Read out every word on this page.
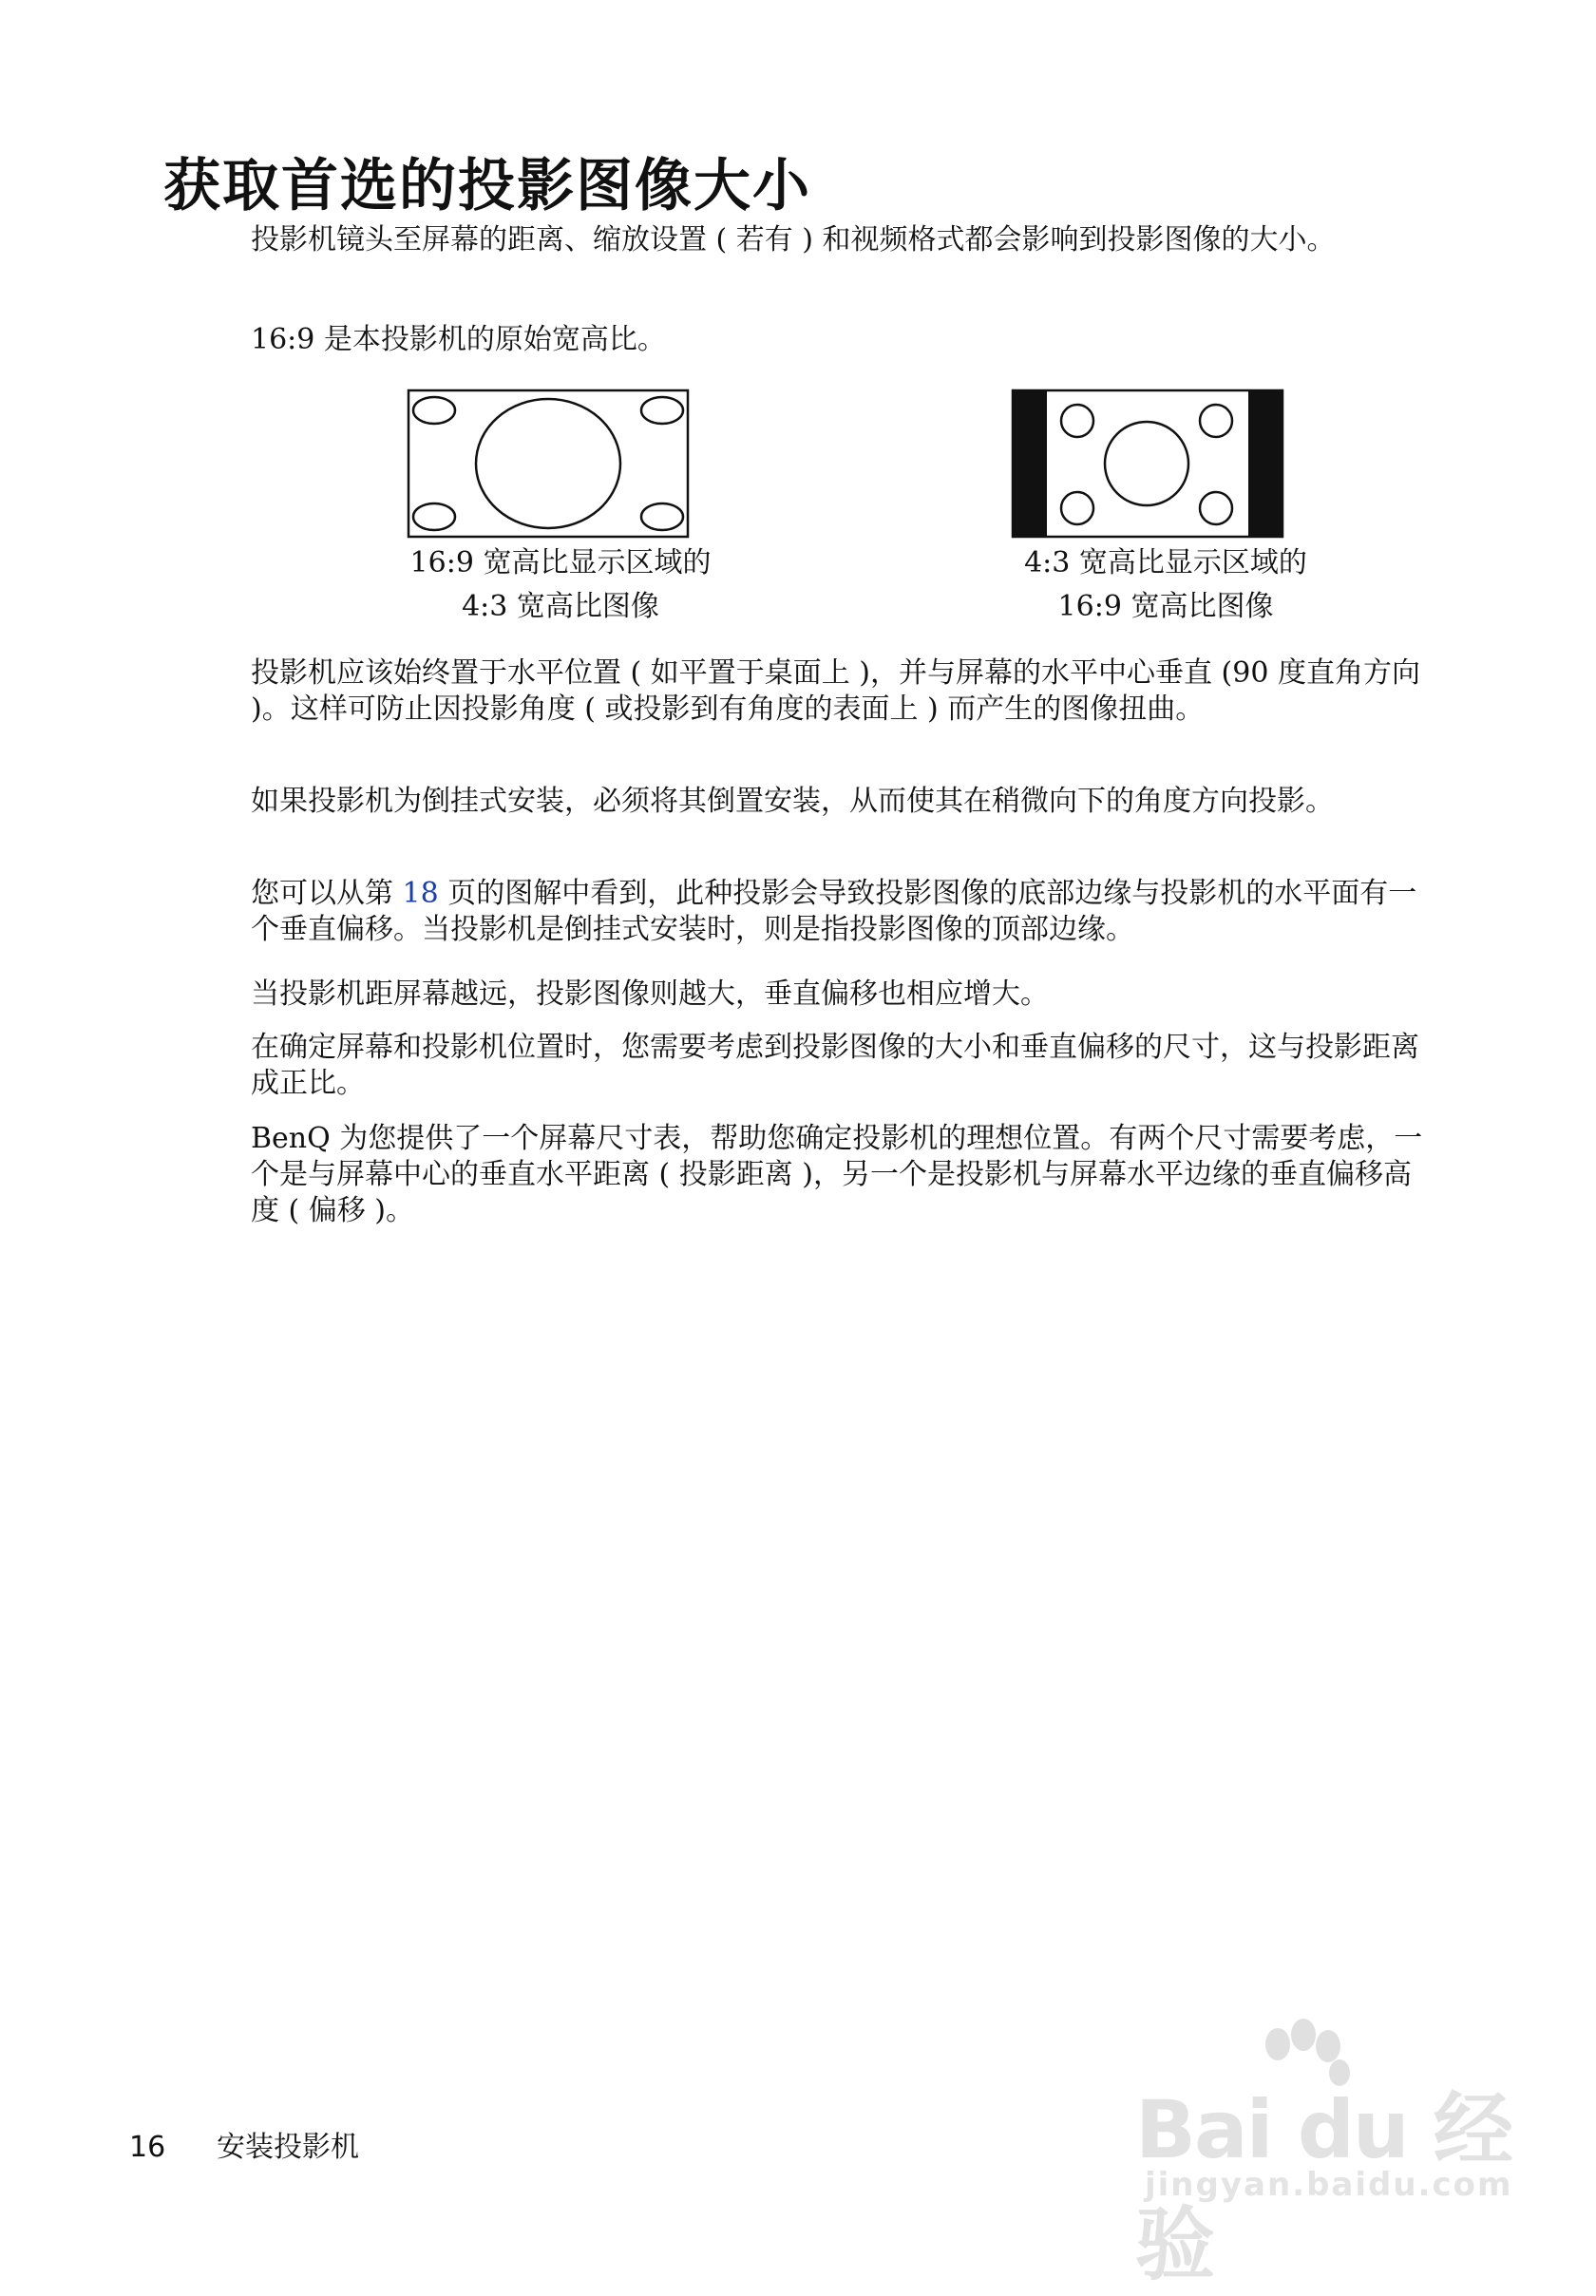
获取首选的投影图像大小

投影机镜头至屏幕的距离、缩放设置 ( 若有 ) 和视频格式都会影响到投影图像的大小。

16:9 是本投影机的原始宽高比。

16:9 宽高比显示区域的
4:3 宽高比图像
4:3 宽高比显示区域的
16:9 宽高比图像

投影机应该始终置于水平位置 ( 如平置于桌面上 )，并与屏幕的水平中心垂直 (90 度直角方向 )。这样可防止因投影角度 ( 或投影到有角度的表面上 ) 而产生的图像扭曲。

如果投影机为倒挂式安装，必须将其倒置安装，从而使其在稍微向下的角度方向投影。

您可以从第 18 页的图解中看到，此种投影会导致投影图像的底部边缘与投影机的水平面有一个垂直偏移。当投影机是倒挂式安装时，则是指投影图像的顶部边缘。

当投影机距屏幕越远，投影图像则越大，垂直偏移也相应增大。

在确定屏幕和投影机位置时，您需要考虑到投影图像的大小和垂直偏移的尺寸，这与投影距离成正比。

BenQ 为您提供了一个屏幕尺寸表，帮助您确定投影机的理想位置。有两个尺寸需要考虑，一个是与屏幕中心的垂直水平距离 ( 投影距离 )，另一个是投影机与屏幕水平边缘的垂直偏移高度 ( 偏移 )。

16 安装投影机	Bai du 经验
jingyan.baidu.com
